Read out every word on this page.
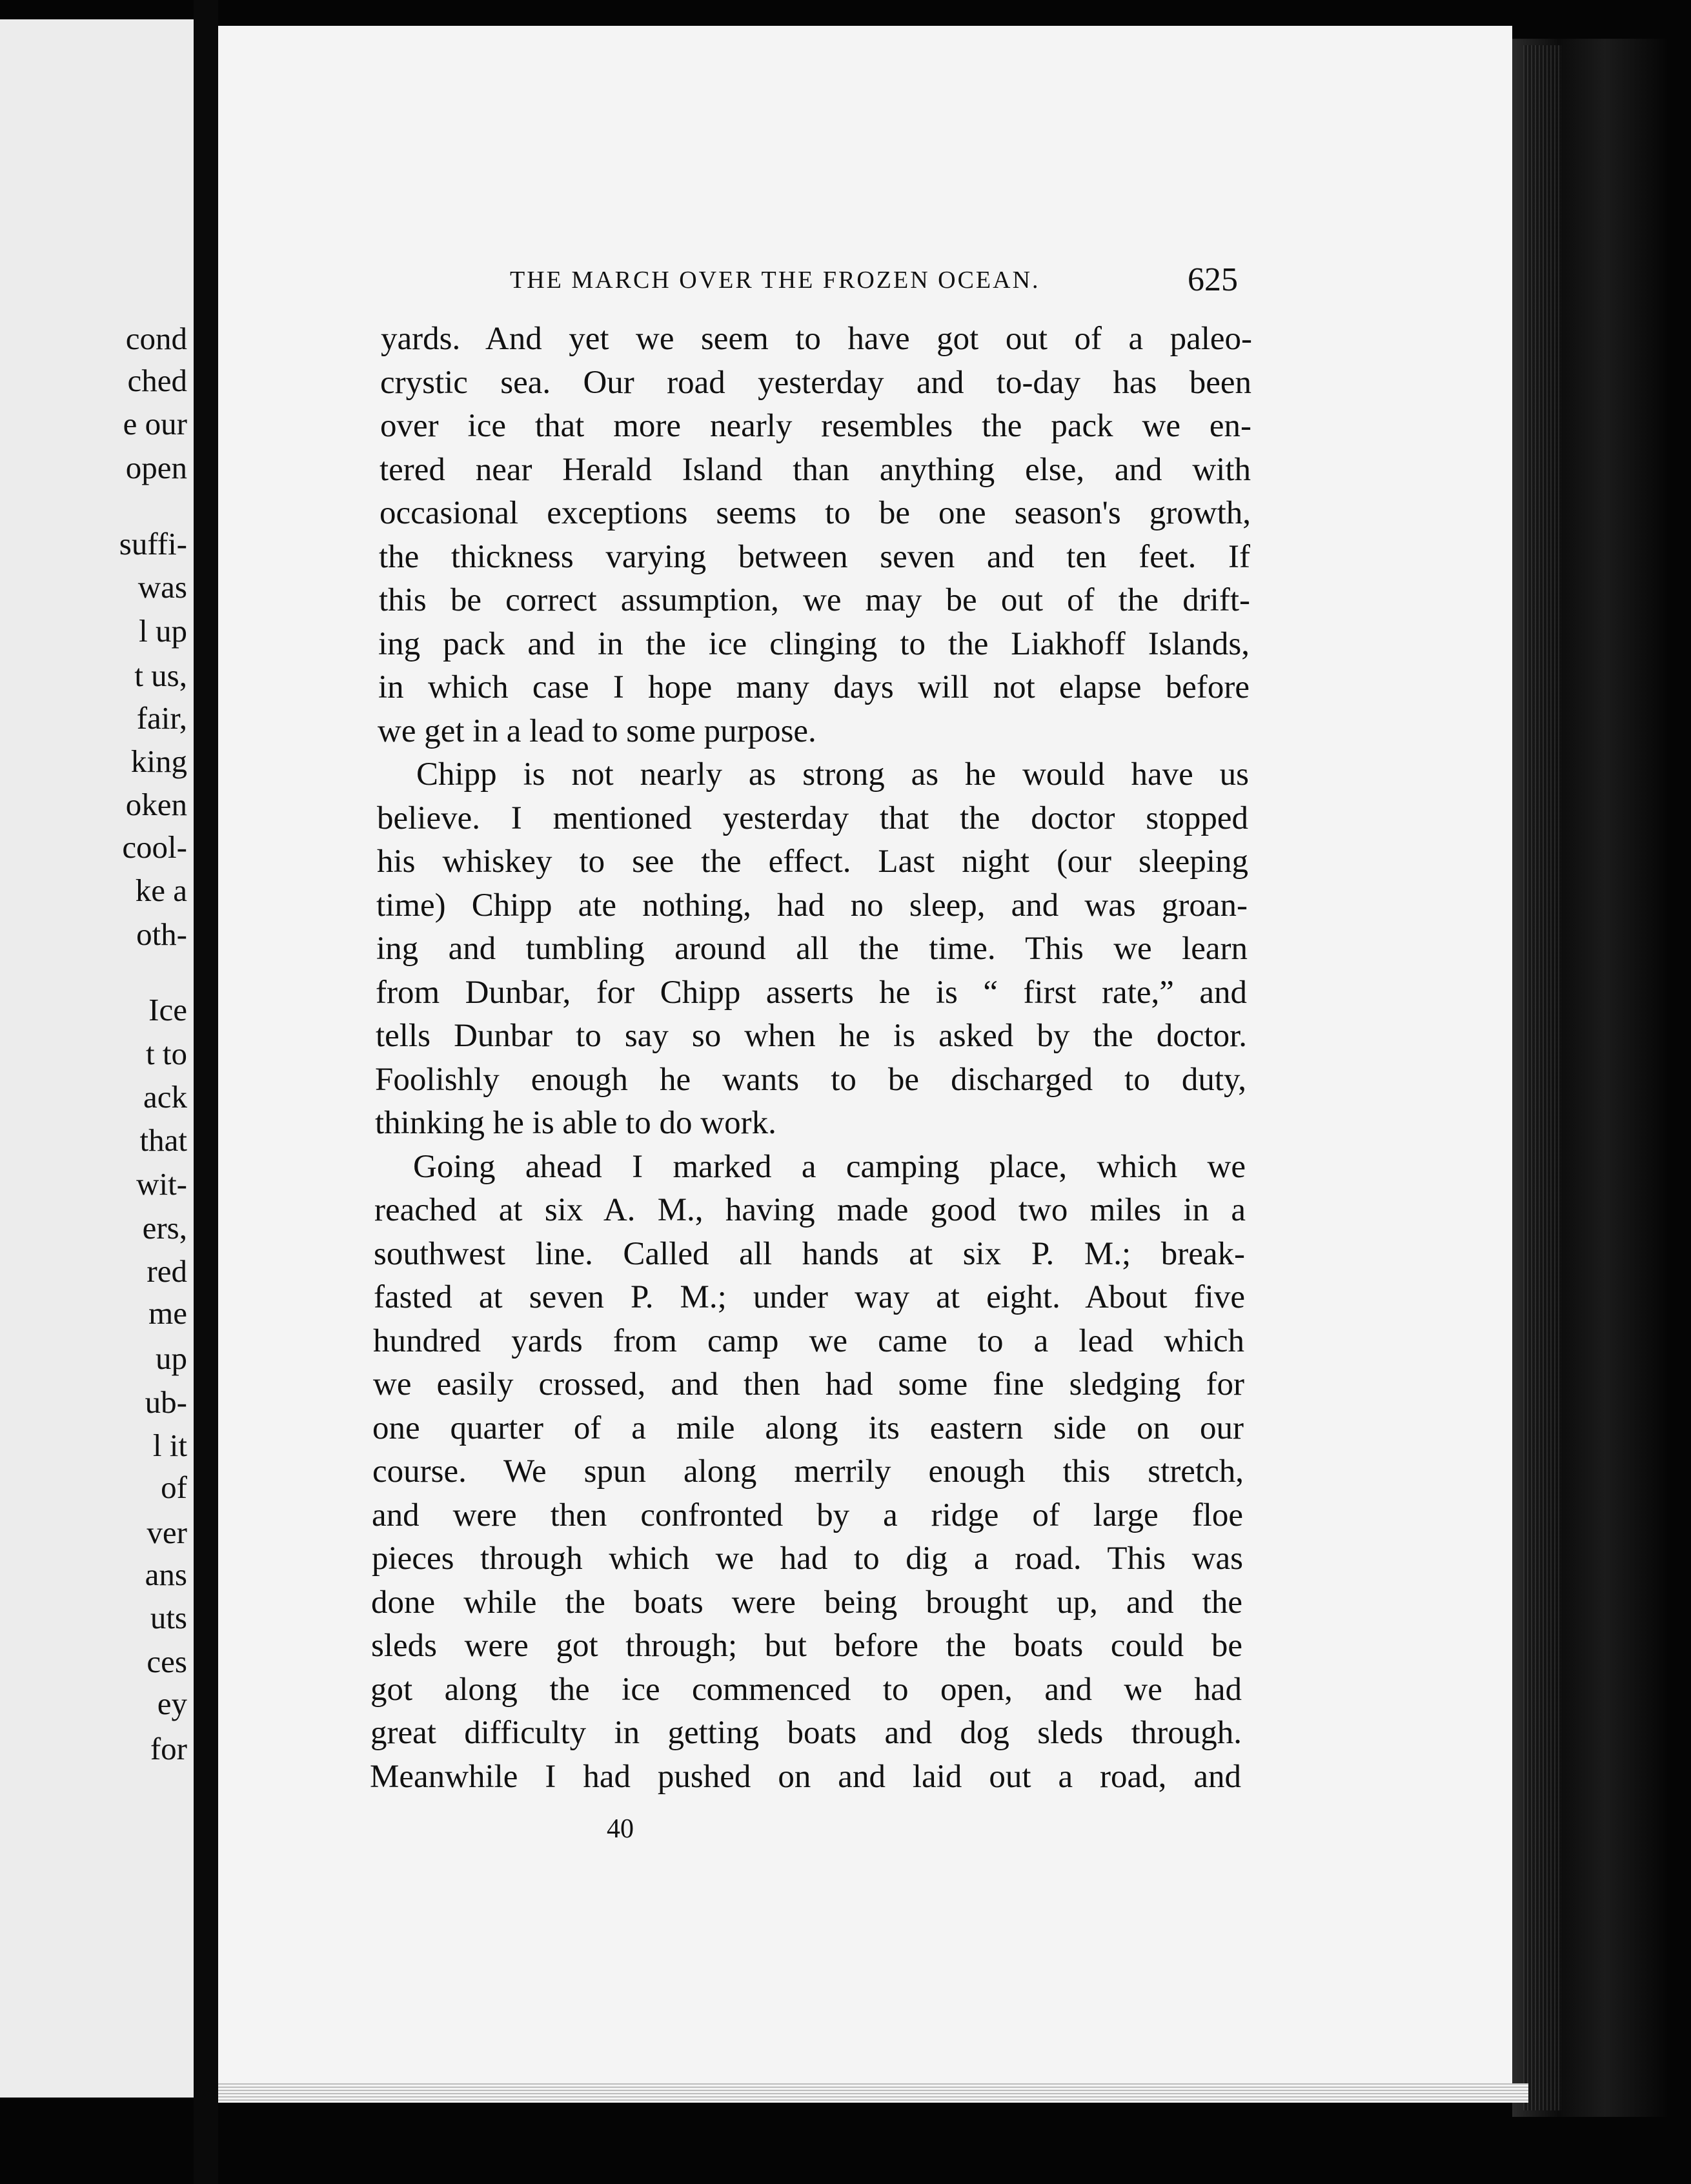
cond
ched
e our
open
suffi-
was
l up
t us,
fair,
king
oken
cool-
ke a
oth-
Ice
t to
ack
that
wit-
ers,
red
me
up
ub-
l it
of
ver
ans
uts
ces
ey
for
THE MARCH OVER THE FROZEN OCEAN.	625
yards. And yet we seem to have got out of a paleo-
crystic sea. Our road yesterday and to-day has been
over ice that more nearly resembles the pack we en-
tered near Herald Island than anything else, and with
occasional exceptions seems to be one season's growth,
the thickness varying between seven and ten feet. If
this be correct assumption, we may be out of the drift-
ing pack and in the ice clinging to the Liakhoff Islands,
in which case I hope many days will not elapse before
we get in a lead to some purpose.
Chipp is not nearly as strong as he would have us
believe. I mentioned yesterday that the doctor stopped
his whiskey to see the effect. Last night (our sleeping
time) Chipp ate nothing, had no sleep, and was groan-
ing and tumbling around all the time. This we learn
from Dunbar, for Chipp asserts he is “ first rate,” and
tells Dunbar to say so when he is asked by the doctor.
Foolishly enough he wants to be discharged to duty,
thinking he is able to do work.
Going ahead I marked a camping place, which we
reached at six A. M., having made good two miles in a
southwest line. Called all hands at six P. M.; break-
fasted at seven P. M.; under way at eight. About five
hundred yards from camp we came to a lead which
we easily crossed, and then had some fine sledging for
one quarter of a mile along its eastern side on our
course. We spun along merrily enough this stretch,
and were then confronted by a ridge of large floe
pieces through which we had to dig a road. This was
done while the boats were being brought up, and the
sleds were got through; but before the boats could be
got along the ice commenced to open, and we had
great difficulty in getting boats and dog sleds through.
Meanwhile I had pushed on and laid out a road, and
40
